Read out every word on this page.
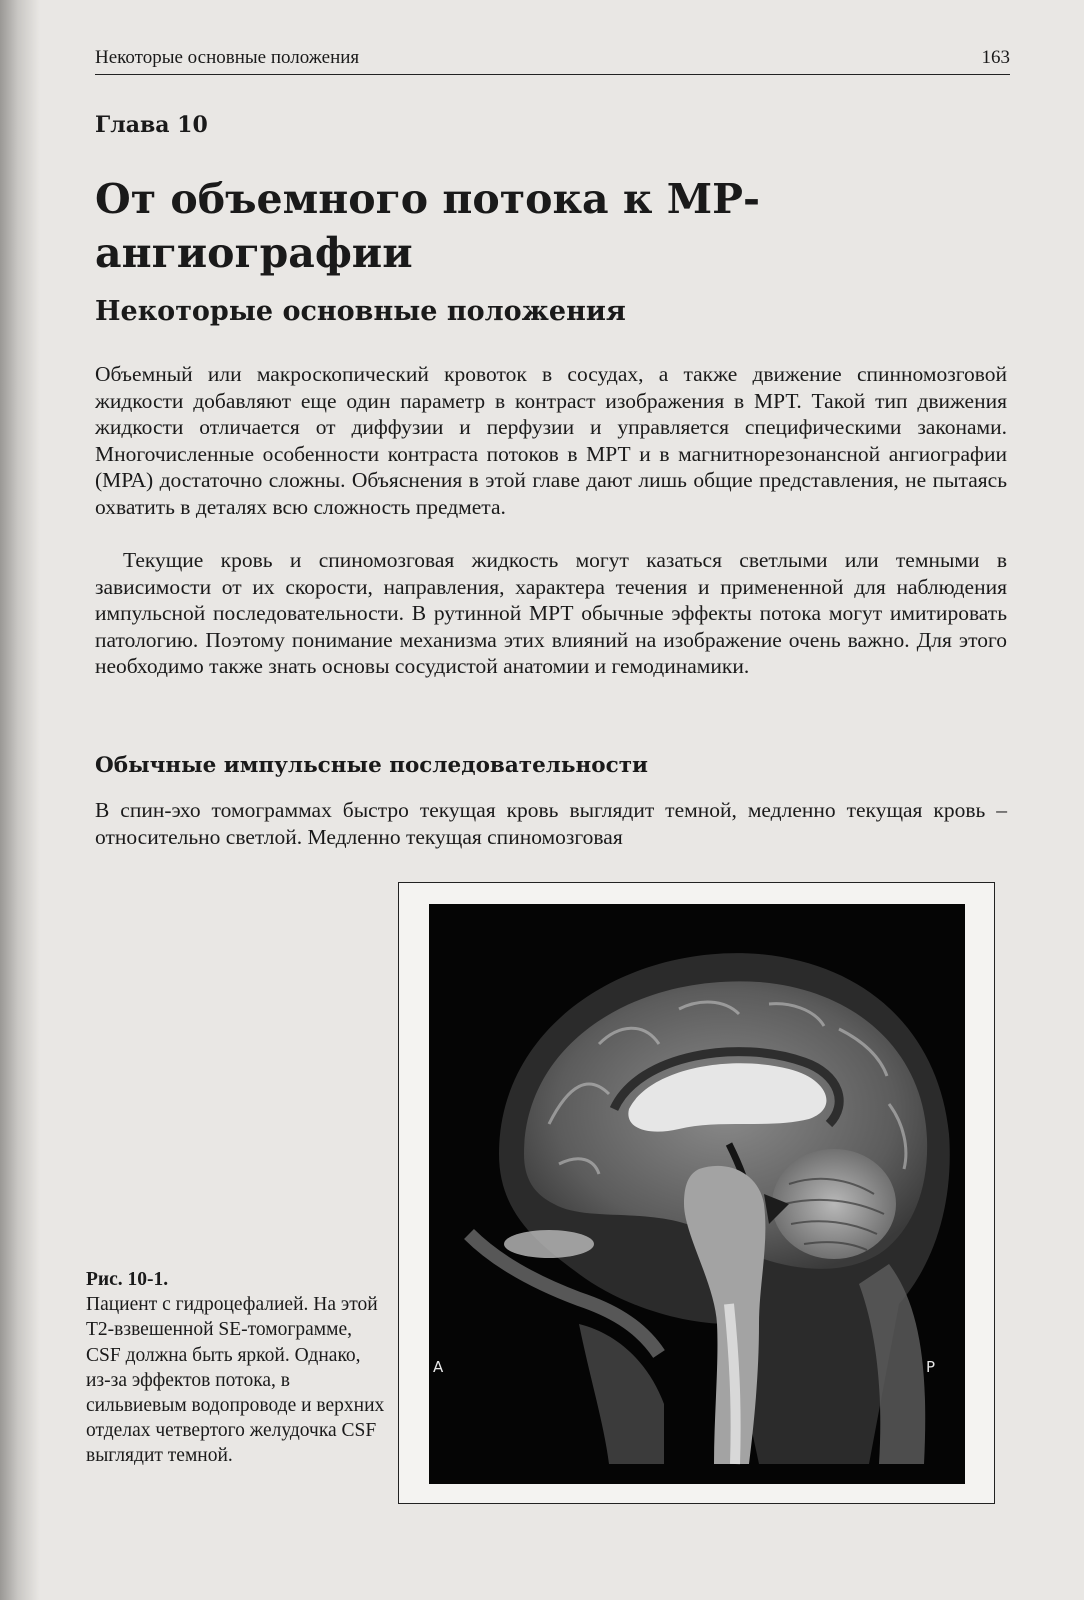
Некоторые основные положения	163
Глава 10
От объемного потока к МР-ангиографии
Некоторые основные положения

Объемный или макроскопический кровоток в сосудах, а также движение спинномозговой жидкости добавляют еще один параметр в контраст изображения в МРТ. Такой тип движения жидкости отличается от диффузии и перфузии и управляется специфическими законами. Многочисленные особенности контраста потоков в МРТ и в магнитнорезонансной ангиографии (МРА) достаточно сложны. Объяснения в этой главе дают лишь общие представления, не пытаясь охватить в деталях всю сложность предмета.

Текущие кровь и спиномозговая жидкость могут казаться светлыми или темными в зависимости от их скорости, направления, характера течения и примененной для наблюдения импульсной последовательности. В рутинной МРТ обычные эффекты потока могут имитировать патологию. Поэтому понимание механизма этих влияний на изображение очень важно. Для этого необходимо также знать основы сосудистой анатомии и гемодинамики.

Обычные импульсные последовательности

В спин-эхо томограммах быстро текущая кровь выглядит темной, медленно текущая кровь – относительно светлой. Медленно текущая спиномозговая

A	P
Рис. 10-1.
Пациент с гидроцефалией. На этой Т2-взвешенной SE-томограмме, CSF должна быть яркой. Однако, из-за эффектов потока, в сильвиевым водопроводе и верхних отделах четвертого желудочка CSF выглядит темной.
